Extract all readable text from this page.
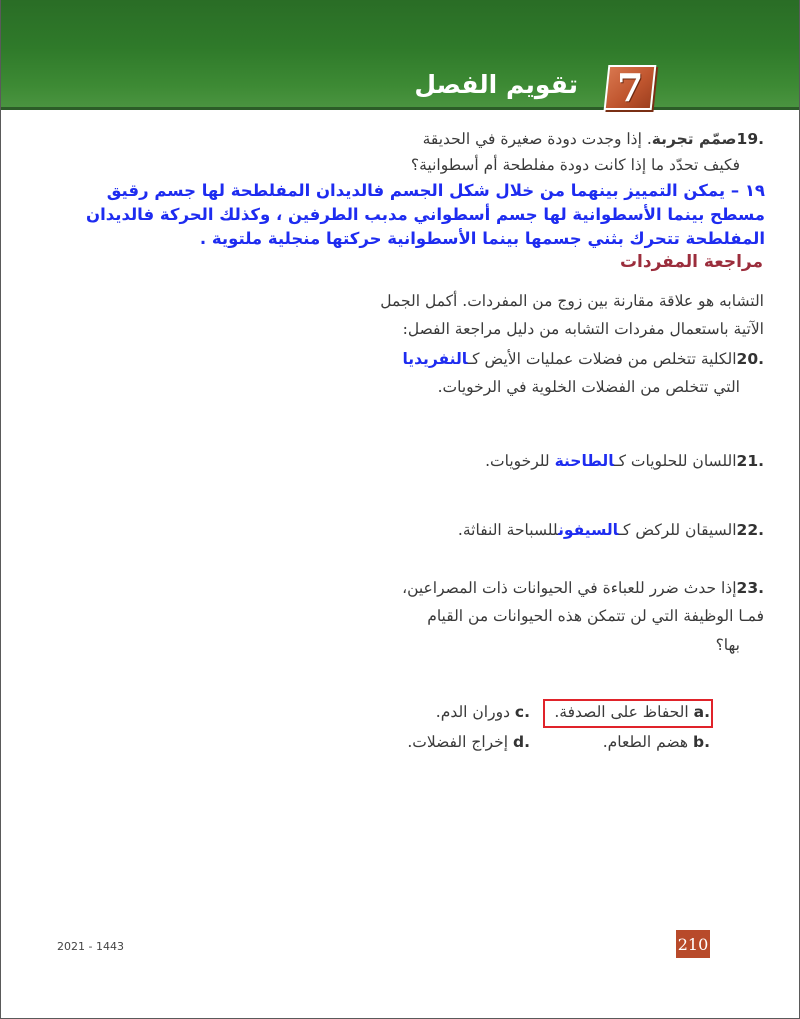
7
تقويم الفصل
19.صمّم تجربة. إذا وجدت دودة صغيرة في الحديقة
فكيف تحدّد ما إذا كانت دودة مفلطحة أم أسطوانية؟
١٩ – يمكن التمييز بينهما من خلال شكل الجسم فالديدان المفلطحة لها جسم رقيق
مسطح بينما الأسطوانية لها جسم أسطواني مدبب الطرفين ، وكذلك الحركة فالديدان
المفلطحة تتحرك بثني جسمها بينما الأسطوانية حركتها منجلية ملتوية .
مراجعة المفردات
التشابه هو علاقة مقارنة بين زوج من المفردات. أكمل الجمل
الآتية باستعمال مفردات التشابه من دليل مراجعة الفصل:
20.الكلية تتخلص من فضلات عمليات الأيض كـالنفريديا
التي تتخلص من الفضلات الخلوية في الرخويات.
21.اللسان للحلويات كـالطاحنة للرخويات.
22.السيقان للركض كـالسيفونللسباحة النفاثة.
23.إذا حدث ضرر للعباءة في الحيوانات ذات المصراعين،
فمـا الوظيفة التي لن تتمكن هذه الحيوانات من القيام
بها؟
a. الحفاظ على الصدفة.
c. دوران الدم.
b. هضم الطعام.
d. إخراج الفضلات.
2021 - 1443	210
